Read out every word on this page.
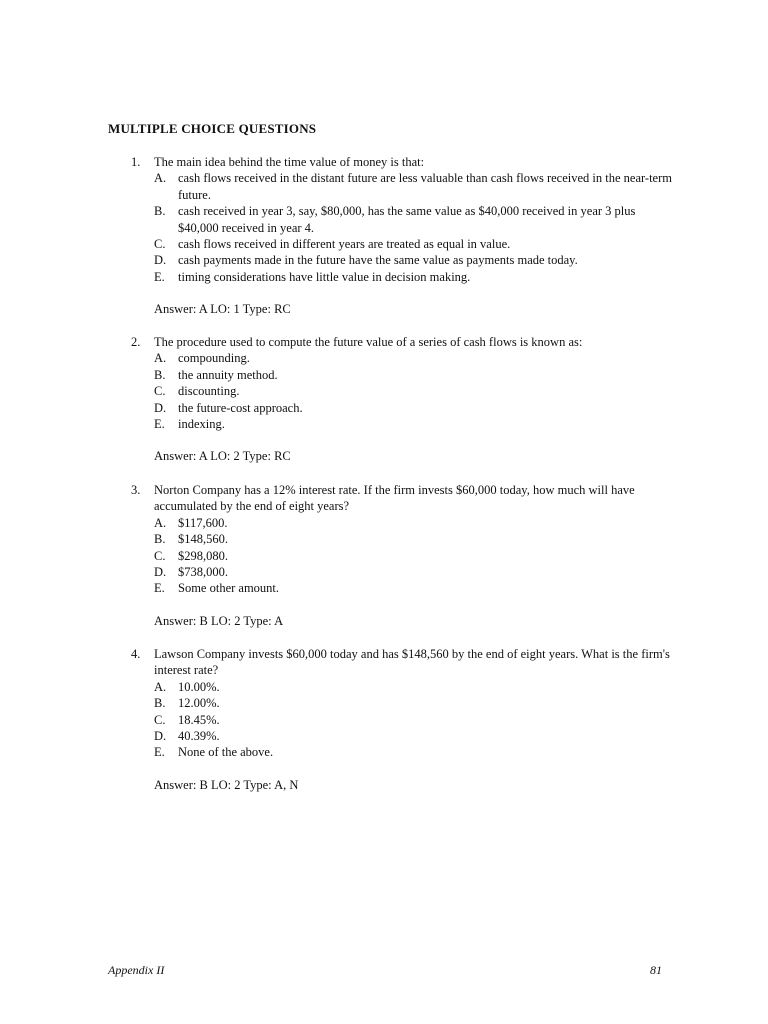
MULTIPLE CHOICE QUESTIONS
1. The main idea behind the time value of money is that:
A. cash flows received in the distant future are less valuable than cash flows received in the near-term future.
B. cash received in year 3, say, $80,000, has the same value as $40,000 received in year 3 plus $40,000 received in year 4.
C. cash flows received in different years are treated as equal in value.
D. cash payments made in the future have the same value as payments made today.
E. timing considerations have little value in decision making.
Answer: A LO: 1 Type: RC
2. The procedure used to compute the future value of a series of cash flows is known as:
A. compounding.
B. the annuity method.
C. discounting.
D. the future-cost approach.
E. indexing.
Answer: A LO: 2 Type: RC
3. Norton Company has a 12% interest rate. If the firm invests $60,000 today, how much will have accumulated by the end of eight years?
A. $117,600.
B. $148,560.
C. $298,080.
D. $738,000.
E. Some other amount.
Answer: B LO: 2 Type: A
4. Lawson Company invests $60,000 today and has $148,560 by the end of eight years. What is the firm's interest rate?
A. 10.00%.
B. 12.00%.
C. 18.45%.
D. 40.39%.
E. None of the above.
Answer: B LO: 2 Type: A, N
Appendix II	81
